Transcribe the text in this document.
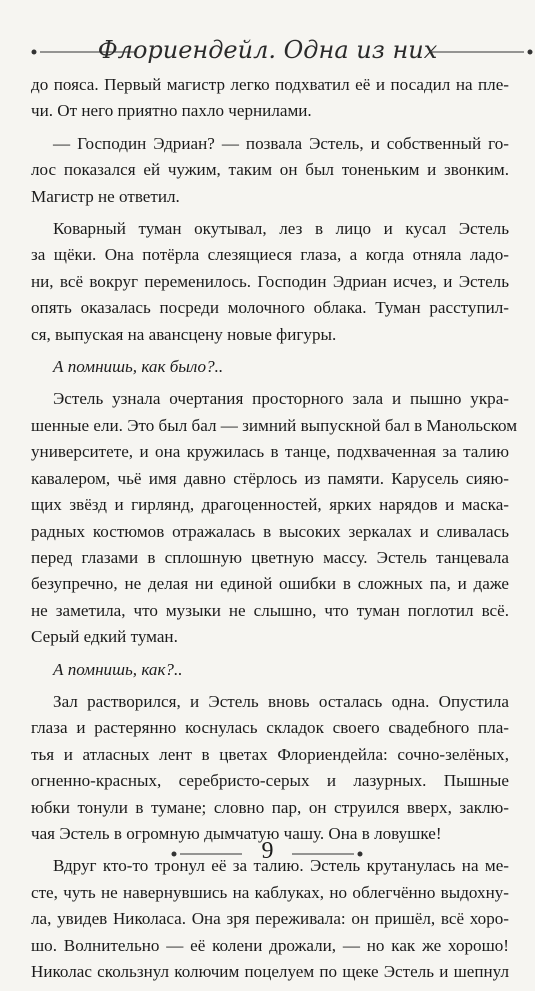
Флориендейл. Одна из них
до пояса. Первый магистр легко подхватил её и посадил на пле-
чи. От него приятно пахло чернилами.
— Господин Эдриан? — позвала Эстель, и собственный го-
лос показался ей чужим, таким он был тоненьким и звонким.
Магистр не ответил.
Коварный туман окутывал, лез в лицо и кусал Эстель
за щёки. Она потёрла слезящиеся глаза, а когда отняла ладо-
ни, всё вокруг переменилось. Господин Эдриан исчез, и Эстель
опять оказалась посреди молочного облака. Туман расступил-
ся, выпуская на авансцену новые фигуры.
А помнишь, как было?..
Эстель узнала очертания просторного зала и пышно укра-
шенные ели. Это был бал — зимний выпускной бал в Манольском
университете, и она кружилась в танце, подхваченная за талию
кавалером, чьё имя давно стёрлось из памяти. Карусель сияю-
щих звёзд и гирлянд, драгоценностей, ярких нарядов и маска-
радных костюмов отражалась в высоких зеркалах и сливалась
перед глазами в сплошную цветную массу. Эстель танцевала
безупречно, не делая ни единой ошибки в сложных па, и даже
не заметила, что музыки не слышно, что туман поглотил всё.
Серый едкий туман.
А помнишь, как?..
Зал растворился, и Эстель вновь осталась одна. Опустила
глаза и растерянно коснулась складок своего свадебного пла-
тья и атласных лент в цветах Флориендейла: сочно-зелёных,
огненно-красных, серебристо-серых и лазурных. Пышные
юбки тонули в тумане; словно пар, он струился вверх, заклю-
чая Эстель в огромную дымчатую чашу. Она в ловушке!
Вдруг кто-то тронул её за талию. Эстель крутанулась на ме-
сте, чуть не навернувшись на каблуках, но облегчённо выдохну-
ла, увидев Николаса. Она зря переживала: он пришёл, всё хоро-
шо. Волнительно — её колени дрожали, — но как же хорошо!
Николас скользнул колючим поцелуем по щеке Эстель и шепнул
9
